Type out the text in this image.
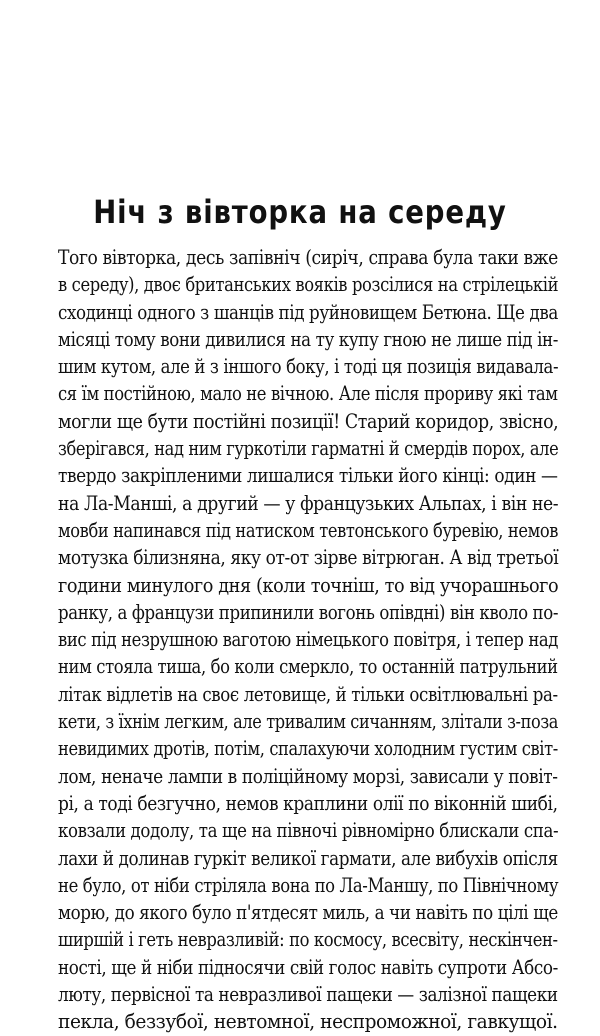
Ніч з вівторка на середу
Того вівторка, десь запівніч (сиріч, справа була таки вже
в середу), двоє британських вояків розсілися на стрілецькій
сходинці одного з шанців під руйновищем Бетюна. Ще два
місяці тому вони дивилися на ту купу гною не лише під ін-
шим кутом, але й з іншого боку, і тоді ця позиція видавала-
ся їм постійною, мало не вічною. Але після прориву які там
могли ще бути постійні позиції! Старий коридор, звісно,
зберігався, над ним гуркотіли гарматні й смердів порох, але
твердо закріпленими лишалися тільки його кінці: один —
на Ла-Манші, а другий — у французьких Альпах, і він не-
мовби напинався під натиском тевтонського буревію, немов
мотузка білизняна, яку от-от зірве вітрюган. А від третьої
години минулого дня (коли точніш, то від учорашнього
ранку, а французи припинили вогонь опівдні) він кволо по-
вис під незрушною ваготою німецького повітря, і тепер над
ним стояла тиша, бо коли смеркло, то останній патрульний
літак відлетів на своє летовище, й тільки освітлювальні ра-
кети, з їхнім легким, але тривалим сичанням, злітали з-поза
невидимих дротів, потім, спалахуючи холодним густим світ-
лом, неначе лампи в поліційному морзі, зависали у повіт-
рі, а тоді безгучно, немов краплини олії по віконній шибі,
ковзали додолу, та ще на півночі рівномірно блискали спа-
лахи й долинав гуркіт великої гармати, але вибухів опісля
не було, от ніби стріляла вона по Ла-Маншу, по Північному
морю, до якого було п'ятдесят миль, а чи навіть по цілі ще
ширшій і геть невразливій: по космосу, всесвіту, нескінчен-
ності, ще й ніби підносячи свій голос навіть супроти Абсо-
люту, первісної та невразливої пащеки — залізної пащеки
пекла, беззубої, невтомної, неспроможної, гавкущої.
